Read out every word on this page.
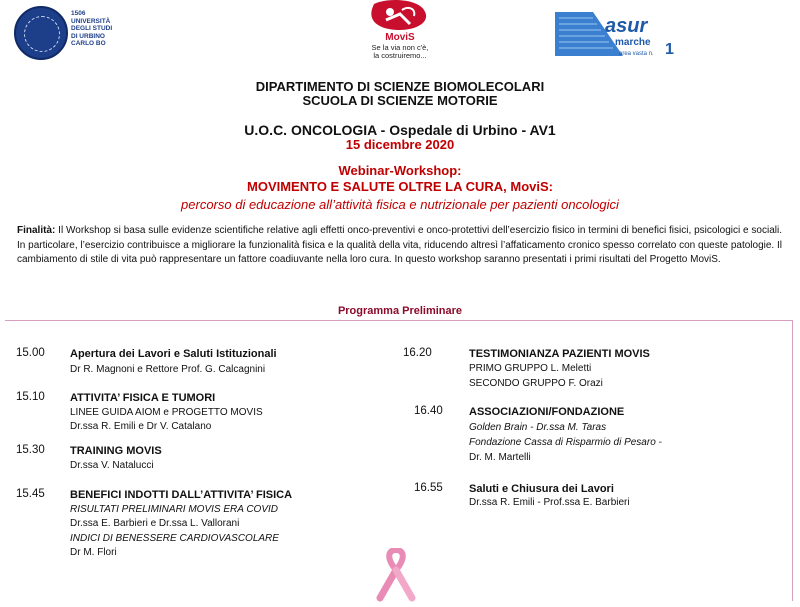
1506
UNIVERSITÀ
DEGLI STUDI
DI URBINO
CARLO BO
MoviS
Se la via non c'è,
la costruiremo...
asur
marche
area vasta n. 1
DIPARTIMENTO DI SCIENZE BIOMOLECOLARI
SCUOLA DI SCIENZE MOTORIE
U.O.C. ONCOLOGIA - Ospedale di Urbino - AV1
15 dicembre 2020
Webinar-Workshop:
MOVIMENTO E SALUTE OLTRE LA CURA, MoviS:
percorso di educazione all’attività fisica e nutrizionale per pazienti oncologici
Finalità: Il Workshop si basa sulle evidenze scientifiche relative agli effetti onco-preventivi e onco-protettivi dell’esercizio fisico in termini di benefici fisici, psicologici e sociali. In particolare, l’esercizio contribuisce a migliorare la funzionalità fisica e la qualità della vita, riducendo altresì l’affaticamento cronico spesso correlato con queste patologie. Il cambiamento di stile di vita può rappresentare un fattore coadiuvante nella loro cura. In questo workshop saranno presentati i primi risultati del Progetto MoviS.
Programma Preliminare
15.00 Apertura dei Lavori e Saluti Istituzionali
Dr R. Magnoni e Rettore Prof. G. Calcagnini
15.10 ATTIVITA’ FISICA E TUMORI
LINEE GUIDA AIOM e PROGETTO MOVIS
Dr.ssa R. Emili e Dr V. Catalano
15.30 TRAINING MOVIS
Dr.ssa V. Natalucci
15.45 BENEFICI INDOTTI DALL’ATTIVITA’ FISICA
RISULTATI PRELIMINARI MOVIS ERA COVID
Dr.ssa E. Barbieri e Dr.ssa L. Vallorani
INDICI DI BENESSERE CARDIOVASCOLARE
Dr M. Flori
16.20	TESTIMONIANZA PAZIENTI MOVIS
PRIMO GRUPPO L. Meletti
SECONDO GRUPPO F. Orazi
16.40 ASSOCIAZIONI/FONDAZIONE
Golden Brain - Dr.ssa M. Taras
Fondazione Cassa di Risparmio di Pesaro -
Dr. M. Martelli
16.55 Saluti e Chiusura dei Lavori
Dr.ssa R. Emili - Prof.ssa E. Barbieri
